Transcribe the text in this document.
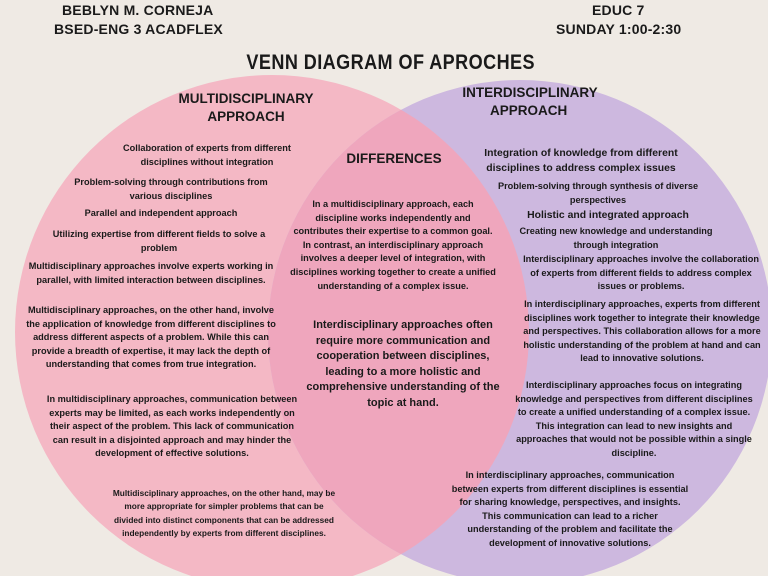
BEBLYN M. CORNEJA
BSED-ENG 3 ACADFLEX
EDUC 7
SUNDAY 1:00-2:30
VENN DIAGRAM OF APROCHES
MULTIDISCIPLINARY
APPROACH
Collaboration of experts from different disciplines without integration
Problem-solving through contributions from various disciplines
Parallel and independent approach
Utilizing expertise from different fields to solve a problem
Multidisciplinary approaches involve experts working in parallel, with limited interaction between disciplines.
Multidisciplinary approaches, on the other hand, involve the application of knowledge from different disciplines to address different aspects of a problem. While this can provide a breadth of expertise, it may lack the depth of understanding that comes from true integration.
In multidisciplinary approaches, communication between experts may be limited, as each works independently on their aspect of the problem. This lack of communication can result in a disjointed approach and may hinder the development of effective solutions.
Multidisciplinary approaches, on the other hand, may be more appropriate for simpler problems that can be divided into distinct components that can be addressed independently by experts from different disciplines.
DIFFERENCES
In a multidisciplinary approach, each discipline works independently and contributes their expertise to a common goal. In contrast, an interdisciplinary approach involves a deeper level of integration, with disciplines working together to create a unified understanding of a complex issue.
Interdisciplinary approaches often require more communication and cooperation between disciplines, leading to a more holistic and comprehensive understanding of the topic at hand.
INTERDISCIPLINARY
APPROACH
Integration of knowledge from different disciplines to address complex issues
Problem-solving through synthesis of diverse perspectives
Holistic and integrated approach
Creating new knowledge and understanding through integration
Interdisciplinary approaches involve the collaboration of experts from different fields to address complex issues or problems.
In interdisciplinary approaches, experts from different disciplines work together to integrate their knowledge and perspectives. This collaboration allows for a more holistic understanding of the problem at hand and can lead to innovative solutions.
Interdisciplinary approaches focus on integrating knowledge and perspectives from different disciplines to create a unified understanding of a complex issue. This integration can lead to new insights and approaches that would not be possible within a single discipline.
In interdisciplinary approaches, communication between experts from different disciplines is essential for sharing knowledge, perspectives, and insights. This communication can lead to a richer understanding of the problem and facilitate the development of innovative solutions.
